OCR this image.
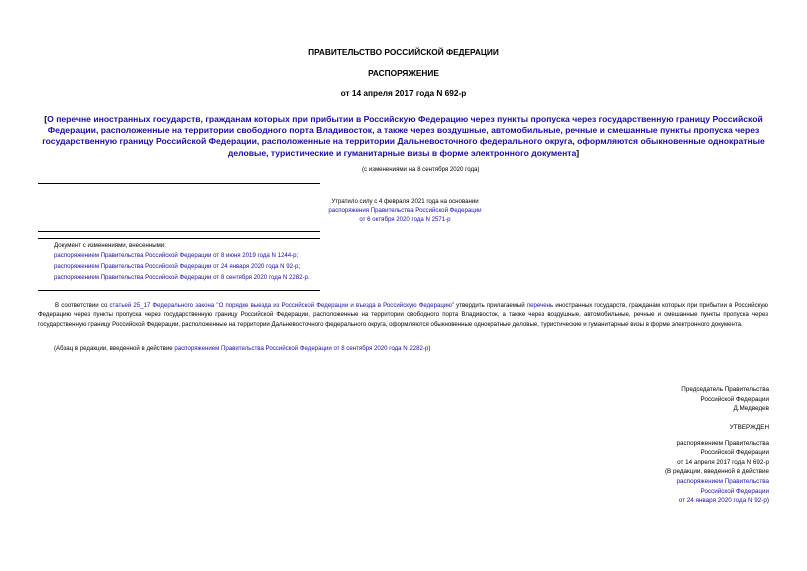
ПРАВИТЕЛЬСТВО РОССИЙСКОЙ ФЕДЕРАЦИИ
РАСПОРЯЖЕНИЕ
от 14 апреля 2017 года N 692-р
[О перечне иностранных государств, гражданам которых при прибытии в Российскую Федерацию через пункты пропуска через государственную границу Российской Федерации, расположенные на территории свободного порта Владивосток, а также через воздушные, автомобильные, речные и смешанные пункты пропуска через государственную границу Российской Федерации, расположенные на территории Дальневосточного федерального округа, оформляются обыкновенные однократные деловые, туристические и гуманитарные визы в форме электронного документа]
(с изменениями на 8 сентября 2020 года)
Утратило силу с 4 февраля 2021 года на основании
распоряжения Правительства Российской Федерации
от 6 октября 2020 года N 2571-р
Документ с изменениями, внесенными:
распоряжением Правительства Российской Федерации от 8 июня 2019 года N 1244-р;
распоряжением Правительства Российской Федерации от 24 января 2020 года N 92-р;
распоряжением Правительства Российской Федерации от 8 сентября 2020 года N 2282-р.
В соответствии со статьей 25_17 Федерального закона "О порядке выезда из Российской Федерации и въезда в Российскую Федерацию" утвердить прилагаемый перечень иностранных государств, гражданам которых при прибытии в Российскую Федерацию через пункты пропуска через государственную границу Российской Федерации, расположенные на территории свободного порта Владивосток, а также через воздушные, автомобильные, речные и смешанные пункты пропуска через государственную границу Российской Федерации, расположенные на территории Дальневосточного федерального округа, оформляются обыкновенные однократные деловые, туристические и гуманитарные визы в форме электронного документа.
(Абзац в редакции, введенной в действие распоряжением Правительства Российской Федерации от 8 сентября 2020 года N 2282-р)
Председатель Правительства
Российской Федерации
Д.Медведев
УТВЕРЖДЕН
распоряжением Правительства
Российской Федерации
от 14 апреля 2017 года N 692-р
(В редакции, введенной в действие
распоряжением Правительства
Российской Федерации
от 24 января 2020 года N 92-р)
